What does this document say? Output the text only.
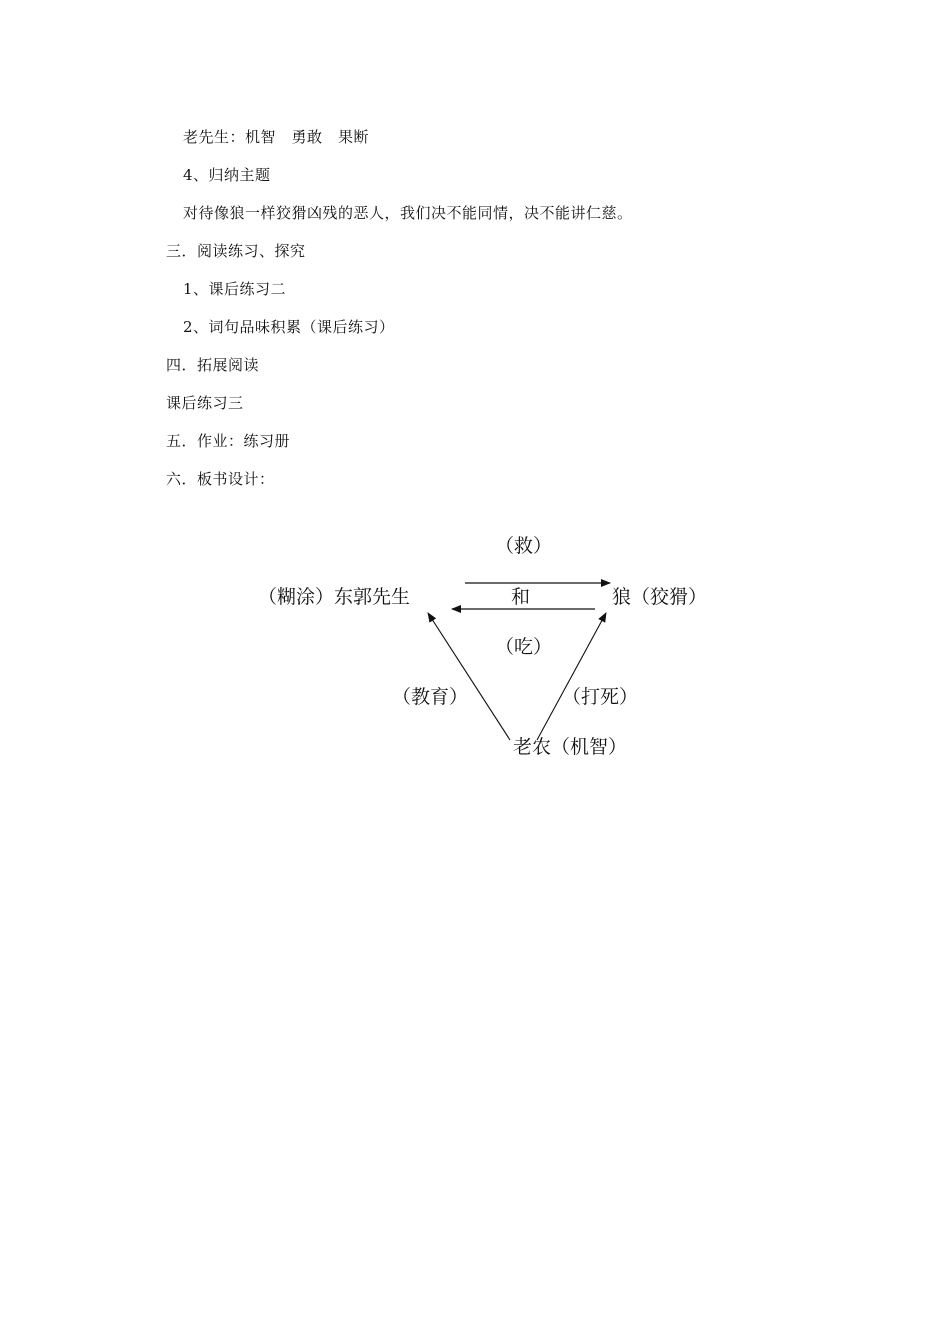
老先生：机智　勇敢　果断
4、归纳主题
对待像狼一样狡猾凶残的恶人，我们决不能同情，决不能讲仁慈。
三．阅读练习、探究
1、课后练习二
2、词句品味积累（课后练习）
四．拓展阅读
课后练习三
五．作业：练习册
六．板书设计：
（救）
（糊涂）东郭先生	和	狼（狡猾）
（吃）
（教育）	（打死）
老农（机智）
